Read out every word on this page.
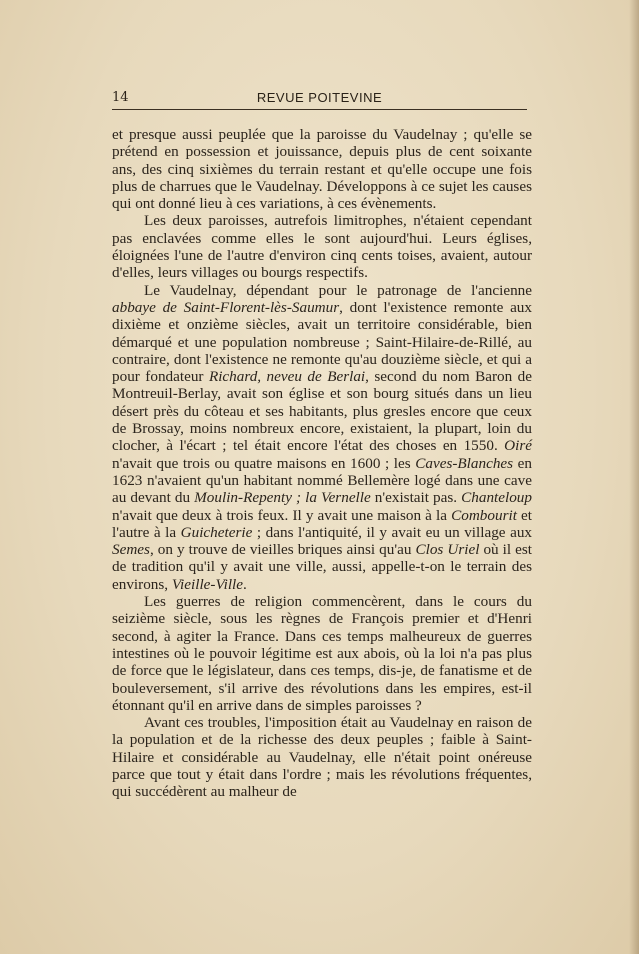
14	REVUE POITEVINE

et presque aussi peuplée que la paroisse du Vaudelnay ; qu'elle se prétend en possession et jouissance, depuis plus de cent soixante ans, des cinq sixièmes du terrain restant et qu'elle occupe une fois plus de charrues que le Vaudelnay. Développons à ce sujet les causes qui ont donné lieu à ces variations, à ces évènements.

Les deux paroisses, autrefois limitrophes, n'étaient cependant pas enclavées comme elles le sont aujourd'hui. Leurs églises, éloignées l'une de l'autre d'environ cinq cents toises, avaient, autour d'elles, leurs villages ou bourgs respectifs.

Le Vaudelnay, dépendant pour le patronage de l'ancienne abbaye de Saint-Florent-lès-Saumur, dont l'existence remonte aux dixième et onzième siècles, avait un territoire considérable, bien démarqué et une population nombreuse ; Saint-Hilaire-de-Rillé, au contraire, dont l'existence ne remonte qu'au douzième siècle, et qui a pour fondateur Richard, neveu de Berlai, second du nom Baron de Montreuil-Berlay, avait son église et son bourg situés dans un lieu désert près du côteau et ses habitants, plus gresles encore que ceux de Brossay, moins nombreux encore, existaient, la plupart, loin du clocher, à l'écart ; tel était encore l'état des choses en 1550. Oiré n'avait que trois ou quatre maisons en 1600 ; les Caves-Blanches en 1623 n'avaient qu'un habitant nommé Bellemère logé dans une cave au devant du Moulin-Repenty ; la Vernelle n'existait pas. Chanteloup n'avait que deux à trois feux. Il y avait une maison à la Combourit et l'autre à la Guicheterie ; dans l'antiquité, il y avait eu un village aux Semes, on y trouve de vieilles briques ainsi qu'au Clos Uriel où il est de tradition qu'il y avait une ville, aussi, appelle-t-on le terrain des environs, Vieille-Ville.

Les guerres de religion commencèrent, dans le cours du seizième siècle, sous les règnes de François premier et d'Henri second, à agiter la France. Dans ces temps malheureux de guerres intestines où le pouvoir légitime est aux abois, où la loi n'a pas plus de force que le législateur, dans ces temps, dis-je, de fanatisme et de bouleversement, s'il arrive des révolutions dans les empires, est-il étonnant qu'il en arrive dans de simples paroisses ?

Avant ces troubles, l'imposition était au Vaudelnay en raison de la population et de la richesse des deux peuples ; faible à Saint-Hilaire et considérable au Vaudelnay, elle n'était point onéreuse parce que tout y était dans l'ordre ; mais les révolutions fréquentes, qui succédèrent au malheur de
